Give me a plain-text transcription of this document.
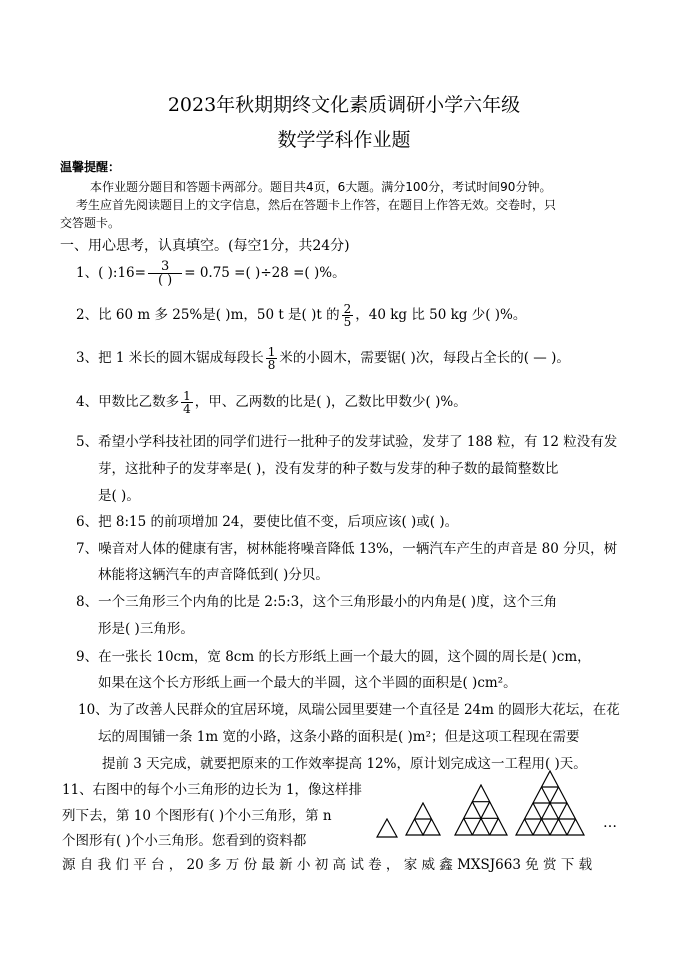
2023年秋期期终文化素质调研小学六年级
数学学科作业题
温馨提醒：
本作业题分题目和答题卡两部分。题目共4页，6大题。满分100分，考试时间90分钟。
考生应首先阅读题目上的文字信息，然后在答题卡上作答，在题目上作答无效。交卷时，只
交答题卡。
一、用心思考，认真填空。(每空1分，共24分)
1、( ):16= $\frac{3}{( )} = 0.75$ =( )÷28 =( )%。
2、比 60 m 多 25%是( )m，50 t 是( )t 的 $\frac{2}{5}$ ，40 kg 比 50 kg 少( )%。
3、把 1 米长的圆木锯成每段长 $\frac{1}{8}$ 米的小圆木，需要锯( )次，每段占全长的( — )。
4、甲数比乙数多 $\frac{1}{4}$ ，甲、乙两数的比是( )，乙数比甲数少( )%。
5、希望小学科技社团的同学们进行一批种子的发芽试验，发芽了 188 粒，有 12 粒没有发
芽，这批种子的发芽率是( )，没有发芽的种子数与发芽的种子数的最简整数比
是( )。
6、把 8:15 的前项增加 24，要使比值不变，后项应该( )或( )。
7、噪音对人体的健康有害，树林能将噪音降低 13%，一辆汽车产生的声音是 80 分贝，树
林能将这辆汽车的声音降低到( )分贝。
8、一个三角形三个内角的比是 2:5:3，这个三角形最小的内角是( )度，这个三角
形是( )三角形。
9、在一张长 10cm，宽 8cm 的长方形纸上画一个最大的圆，这个圆的周长是( )cm，
如果在这个长方形纸上画一个最大的半圆，这个半圆的面积是( )cm²。
10、为了改善人民群众的宜居环境，凤瑞公园里要建一个直径是 24m 的圆形大花坛，在花
坛的周围铺一条 1m 宽的小路，这条小路的面积是( )m²；但是这项工程现在需要
提前 3 天完成，就要把原来的工作效率提高 12%，原计划完成这一工程用( )天。
11、右图中的每个小三角形的边长为 1，像这样排
列下去，第 10 个图形有( )个小三角形，第 n
个图形有( )个小三角形。您看到的资料都
源 自 我 们 平 台 ， 20 多 万 份 最 新 小 初 高 试 卷 ， 家 威 鑫 MXSJ663 免 赏 下 载
…
